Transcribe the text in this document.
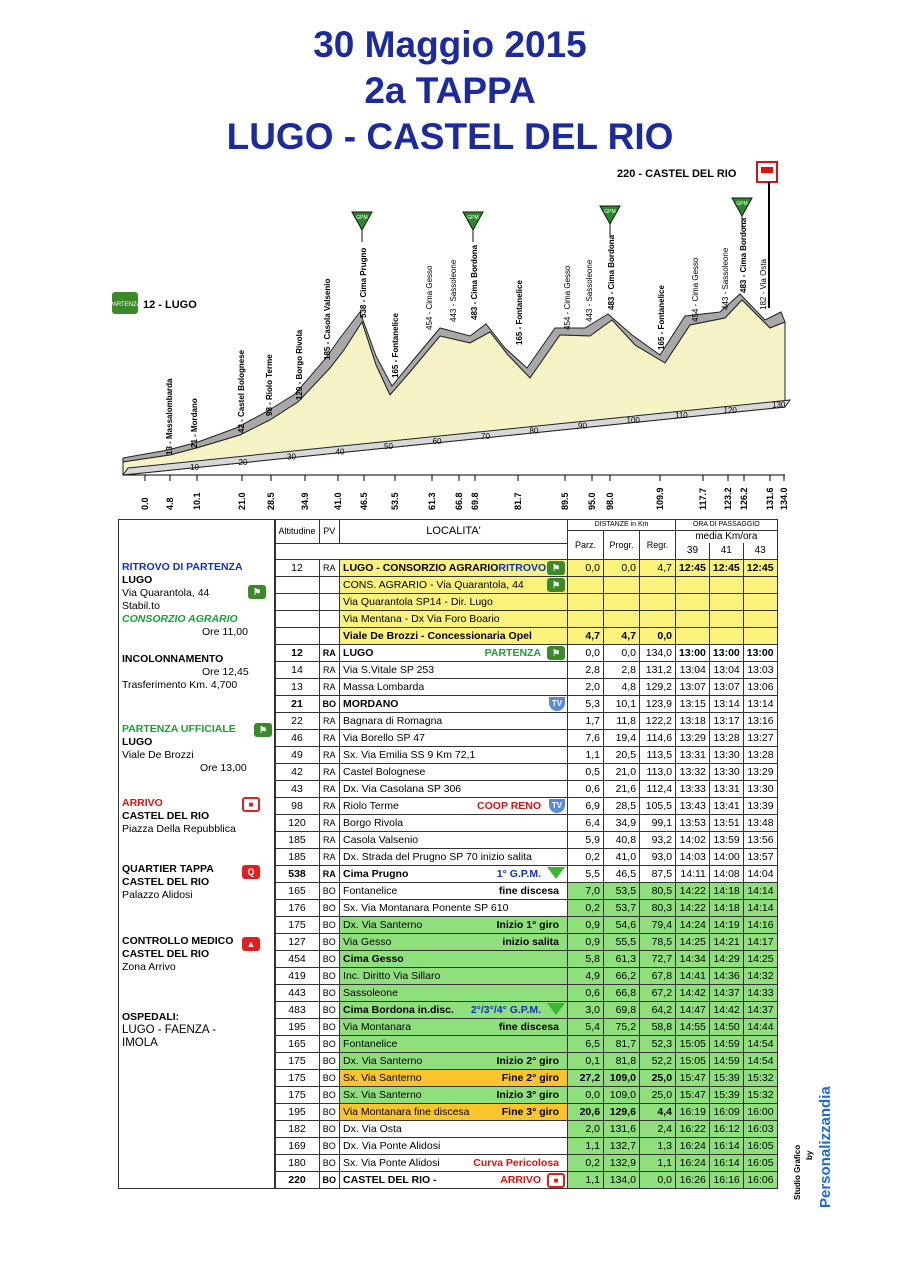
30 Maggio 2015
2a TAPPA
LUGO - CASTEL DEL RIO
220 - CASTEL DEL RIO
PARTENZA 12 - LUGO
0.0 4.8 10.1	21.0 28.5	34.9	41.0 46.5 53.5	61.3 66.8 69.8	81.7	89.5 95.0 98.0	109.9	117.7 123.2 126.2 131.6 134.0
10
20
30
40
50
60
70
80
90
100
110
120
130
13 - Massalombarda 21 - Mordano	42 - Castel Bolognese 98 - Riolo Terme	120 - Borgo Rivola
185 - Casola Valsenio	538 - Cima Prugno
165 - Fontanelice
454 - Cima Gesso 443 - Sassoleone 483 - Cima Bordona	165 - Fontanelice	454 - Cima Gesso 443 - Sassoleone 483 - Cima Bordona
165 - Fontanelice	454 - Cima Gesso	443 - Sassoleone 483 - Cima Bordona 182 - Via Osta
GPM	GPM
GPM
GPM
	Altitudine	PV	LOCALITA'	DISTANZE in Km			ORA DI PASSAGGIO		
				Parz.	Progr.	Regr.	media Km/ora		
							39	41	43
	12	RA	LUGO - CONSORZIO AGRARIORITROVO ⚑	0,0	0,0	4,7	12:45	12:45	12:45
			CONS. AGRARIO - Via Quarantola, 44 ⚑						

			Via Quarantola SP14 - Dir. Lugo						
			Via Mentana - Dx Via Foro Boario						
			Viale De Brozzi - Concessionaria Opel	4,7	4,7	0,0			
	12	RA	LUGO PARTENZA ⚑	0,0	0,0	134,0	13:00	13:00	13:00
	14	RA	Via S.Vitale SP 253	2,8	2,8	131,2	13:04	13:04	13:03
	13	RA	Massa Lombarda	2,0	4,8	129,2	13:07	13:07	13:06
	21	BO	MORDANO TV	5,3	10,1	123,9	13:15	13:14	13:14
	22	RA	Bagnara di Romagna	1,7	11,8	122,2	13:18	13:17	13:16
	46	RA	Via Borello SP 47	7,6	19,4	114,6	13:29	13:28	13:27
	49	RA	Sx. Via Emilia SS 9 Km 72,1	1,1	20,5	113,5	13:31	13:30	13:28
	42	RA	Castel Bolognese	0,5	21,0	113,0	13:32	13:30	13:29
	43	RA	Dx. Via Casolana SP 306	0,6	21,6	112,4	13:33	13:31	13:30
	98	RA	Riolo Terme COOP RENO TV	6,9	28,5	105,5	13:43	13:41	13:39
	120	RA	Borgo Rivola	6,4	34,9	99,1	13:53	13:51	13:48
	185	RA	Casola Valsenio	5,9	40,8	93,2	14:02	13:59	13:56
	185	RA	Dx. Strada del Prugno SP 70 inizio salita	0,2	41,0	93,0	14:03	14:00	13:57
	538	RA	Cima Prugno 1° G.P.M.	5,5	46,5	87,5	14:11	14:08	14:04
	165	BO	Fontanelice fine discesa	7,0	53,5	80,5	14:22	14:18	14:14
	176	BO	Sx. Via Montanara Ponente SP 610	0,2	53,7	80,3	14:22	14:18	14:14
	175	BO	Dx. Via Santerno Inizio 1° giro	0,9	54,6	79,4	14:24	14:19	14:16
	127	BO	Via Gesso inizio salita	0,9	55,5	78,5	14:25	14:21	14:17
	454	BO	Cima Gesso	5,8	61,3	72,7	14:34	14:29	14:25
	419	BO	Inc. Diritto Via Sillaro	4,9	66,2	67,8	14:41	14:36	14:32
	443	BO	Sassoleone	0,6	66,8	67,2	14:42	14:37	14:33
	483	BO	Cima Bordona in.disc. 2°/3°/4° G.P.M.	3,0	69,8	64,2	14:47	14:42	14:37
	195	BO	Via Montanara fine discesa	5,4	75,2	58,8	14:55	14:50	14:44
	165	BO	Fontanelice	6,5	81,7	52,3	15:05	14:59	14:54
	175	BO	Dx. Via Santerno Inizio 2° giro	0,1	81,8	52,2	15:05	14:59	14:54
	175	BO	Sx. Via Santerno Fine 2° giro	27,2	109,0	25,0	15:47	15:39	15:32
	175	BO	Sx. Via Santerno Inizio 3° giro	0,0	109,0	25,0	15:47	15:39	15:32
	195	BO	Via Montanara fine discesa Fine 3° giro	20,6	129,6	4,4	16:19	16:09	16:00
	182	BO	Dx. Via Osta	2,0	131,6	2,4	16:22	16:12	16:03
	169	BO	Dx. Via Ponte Alidosi	1,1	132,7	1,3	16:24	16:14	16:05
	180	BO	Sx. Via Ponte Alidosi Curva Pericolosa	0,2	132,9	1,1	16:24	16:14	16:05
	220	BO	CASTEL DEL RIO - ARRIVO ■	1,1	134,0	0,0	16:26	16:16	16:06
RITROVO DI PARTENZA
LUGO
Via Quarantola, 44
Stabil.to
CONSORZIO AGRARIO
Ore 11,00
⚑
INCOLONNAMENTO
Ore 12,45
Trasferimento Km. 4,700
PARTENZA UFFICIALE
LUGO
Viale De Brozzi
Ore 13,00
⚑
ARRIVO
CASTEL DEL RIO
Piazza Della Repubblica
■
QUARTIER TAPPA
CASTEL DEL RIO
Palazzo Alidosi
Q
CONTROLLO MEDICO
CASTEL DEL RIO
Zona Arrivo
▲
OSPEDALI:
LUGO - FAENZA -
IMOLA
Studio Grafico by Personalizzandia
